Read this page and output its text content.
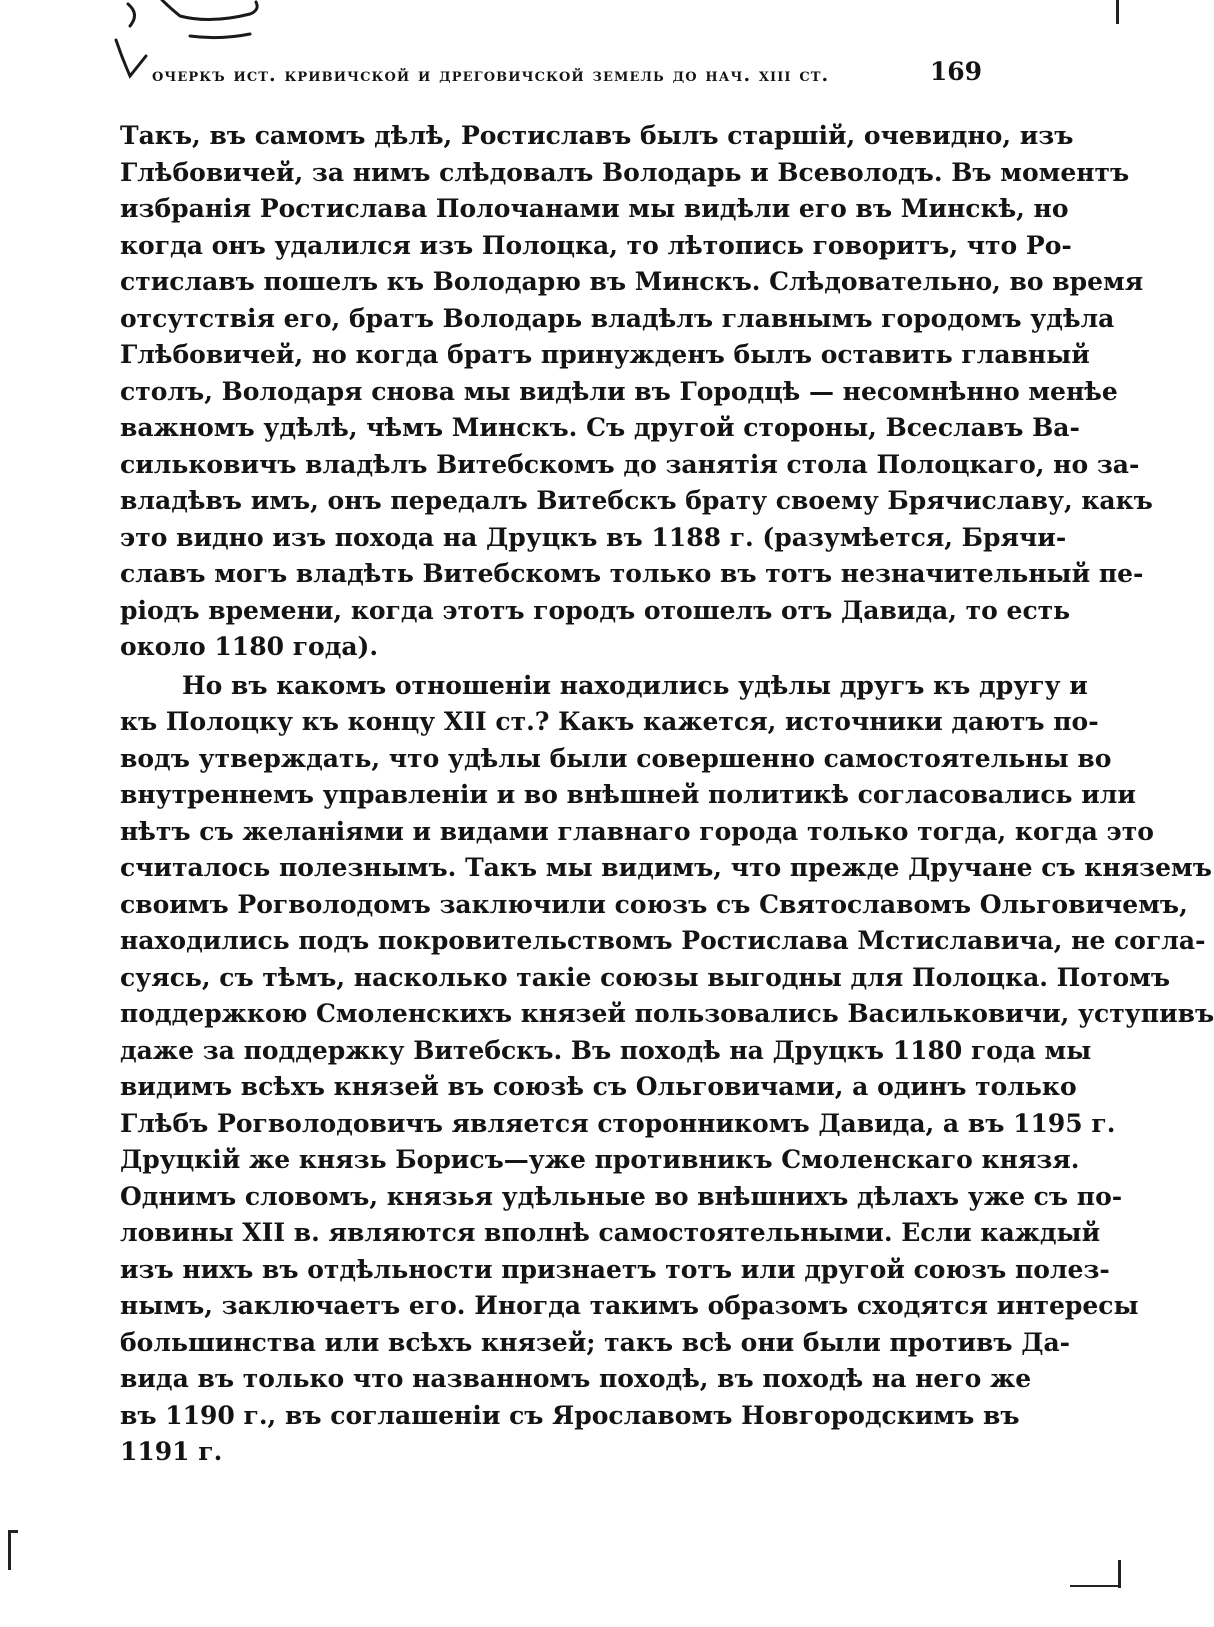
очеркъ ист. кривичской и дреговичской земель до нач. xiii ст.	169
Такъ, въ самомъ дѣлѣ, Ростиславъ былъ старшій, очевидно, изъ
Глѣбовичей, за нимъ слѣдовалъ Володарь и Всеволодъ. Въ моментъ
избранія Ростислава Полочанами мы видѣли его въ Минскѣ, но
когда онъ удалился изъ Полоцка, то лѣтопись говоритъ, что Ро-
стиславъ пошелъ къ Володарю въ Минскъ. Слѣдовательно, во время
отсутствія его, братъ Володарь владѣлъ главнымъ городомъ удѣла
Глѣбовичей, но когда братъ принужденъ былъ оставить главный
столъ, Володаря снова мы видѣли въ Городцѣ — несомнѣнно менѣе
важномъ удѣлѣ, чѣмъ Минскъ. Съ другой стороны, Всеславъ Ва-
сильковичъ владѣлъ Витебскомъ до занятія стола Полоцкаго, но за-
владѣвъ имъ, онъ передалъ Витебскъ брату своему Брячиславу, какъ
это видно изъ похода на Друцкъ въ 1188 г. (разумѣется, Брячи-
славъ могъ владѣть Витебскомъ только въ тотъ незначительный пе-
ріодъ времени, когда этотъ городъ отошелъ отъ Давида, то есть
около 1180 года).
Но въ какомъ отношеніи находились удѣлы другъ къ другу и
къ Полоцку къ концу XII ст.? Какъ кажется, источники даютъ по-
водъ утверждать, что удѣлы были совершенно самостоятельны во
внутреннемъ управленіи и во внѣшней политикѣ согласовались или
нѣтъ съ желаніями и видами главнаго города только тогда, когда это
считалось полезнымъ. Такъ мы видимъ, что прежде Дручане съ княземъ
своимъ Рогволодомъ заключили союзъ съ Святославомъ Ольговичемъ,
находились подъ покровительствомъ Ростислава Мстиславича, не согла-
суясь, съ тѣмъ, насколько такіе союзы выгодны для Полоцка. Потомъ
поддержкою Смоленскихъ князей пользовались Васильковичи, уступивъ
даже за поддержку Витебскъ. Въ походѣ на Друцкъ 1180 года мы
видимъ всѣхъ князей въ союзѣ съ Ольговичами, а одинъ только
Глѣбъ Рогволодовичъ является сторонникомъ Давида, а въ 1195 г.
Друцкій же князь Борисъ—уже противникъ Смоленскаго князя.
Однимъ словомъ, князья удѣльные во внѣшнихъ дѣлахъ уже съ по-
ловины XII в. являются вполнѣ самостоятельными. Если каждый
изъ нихъ въ отдѣльности признаетъ тотъ или другой союзъ полез-
нымъ, заключаетъ его. Иногда такимъ образомъ сходятся интересы
большинства или всѣхъ князей; такъ всѣ они были противъ Да-
вида въ только что названномъ походѣ, въ походѣ на него же
въ 1190 г., въ соглашеніи съ Ярославомъ Новгородскимъ въ
1191 г.
